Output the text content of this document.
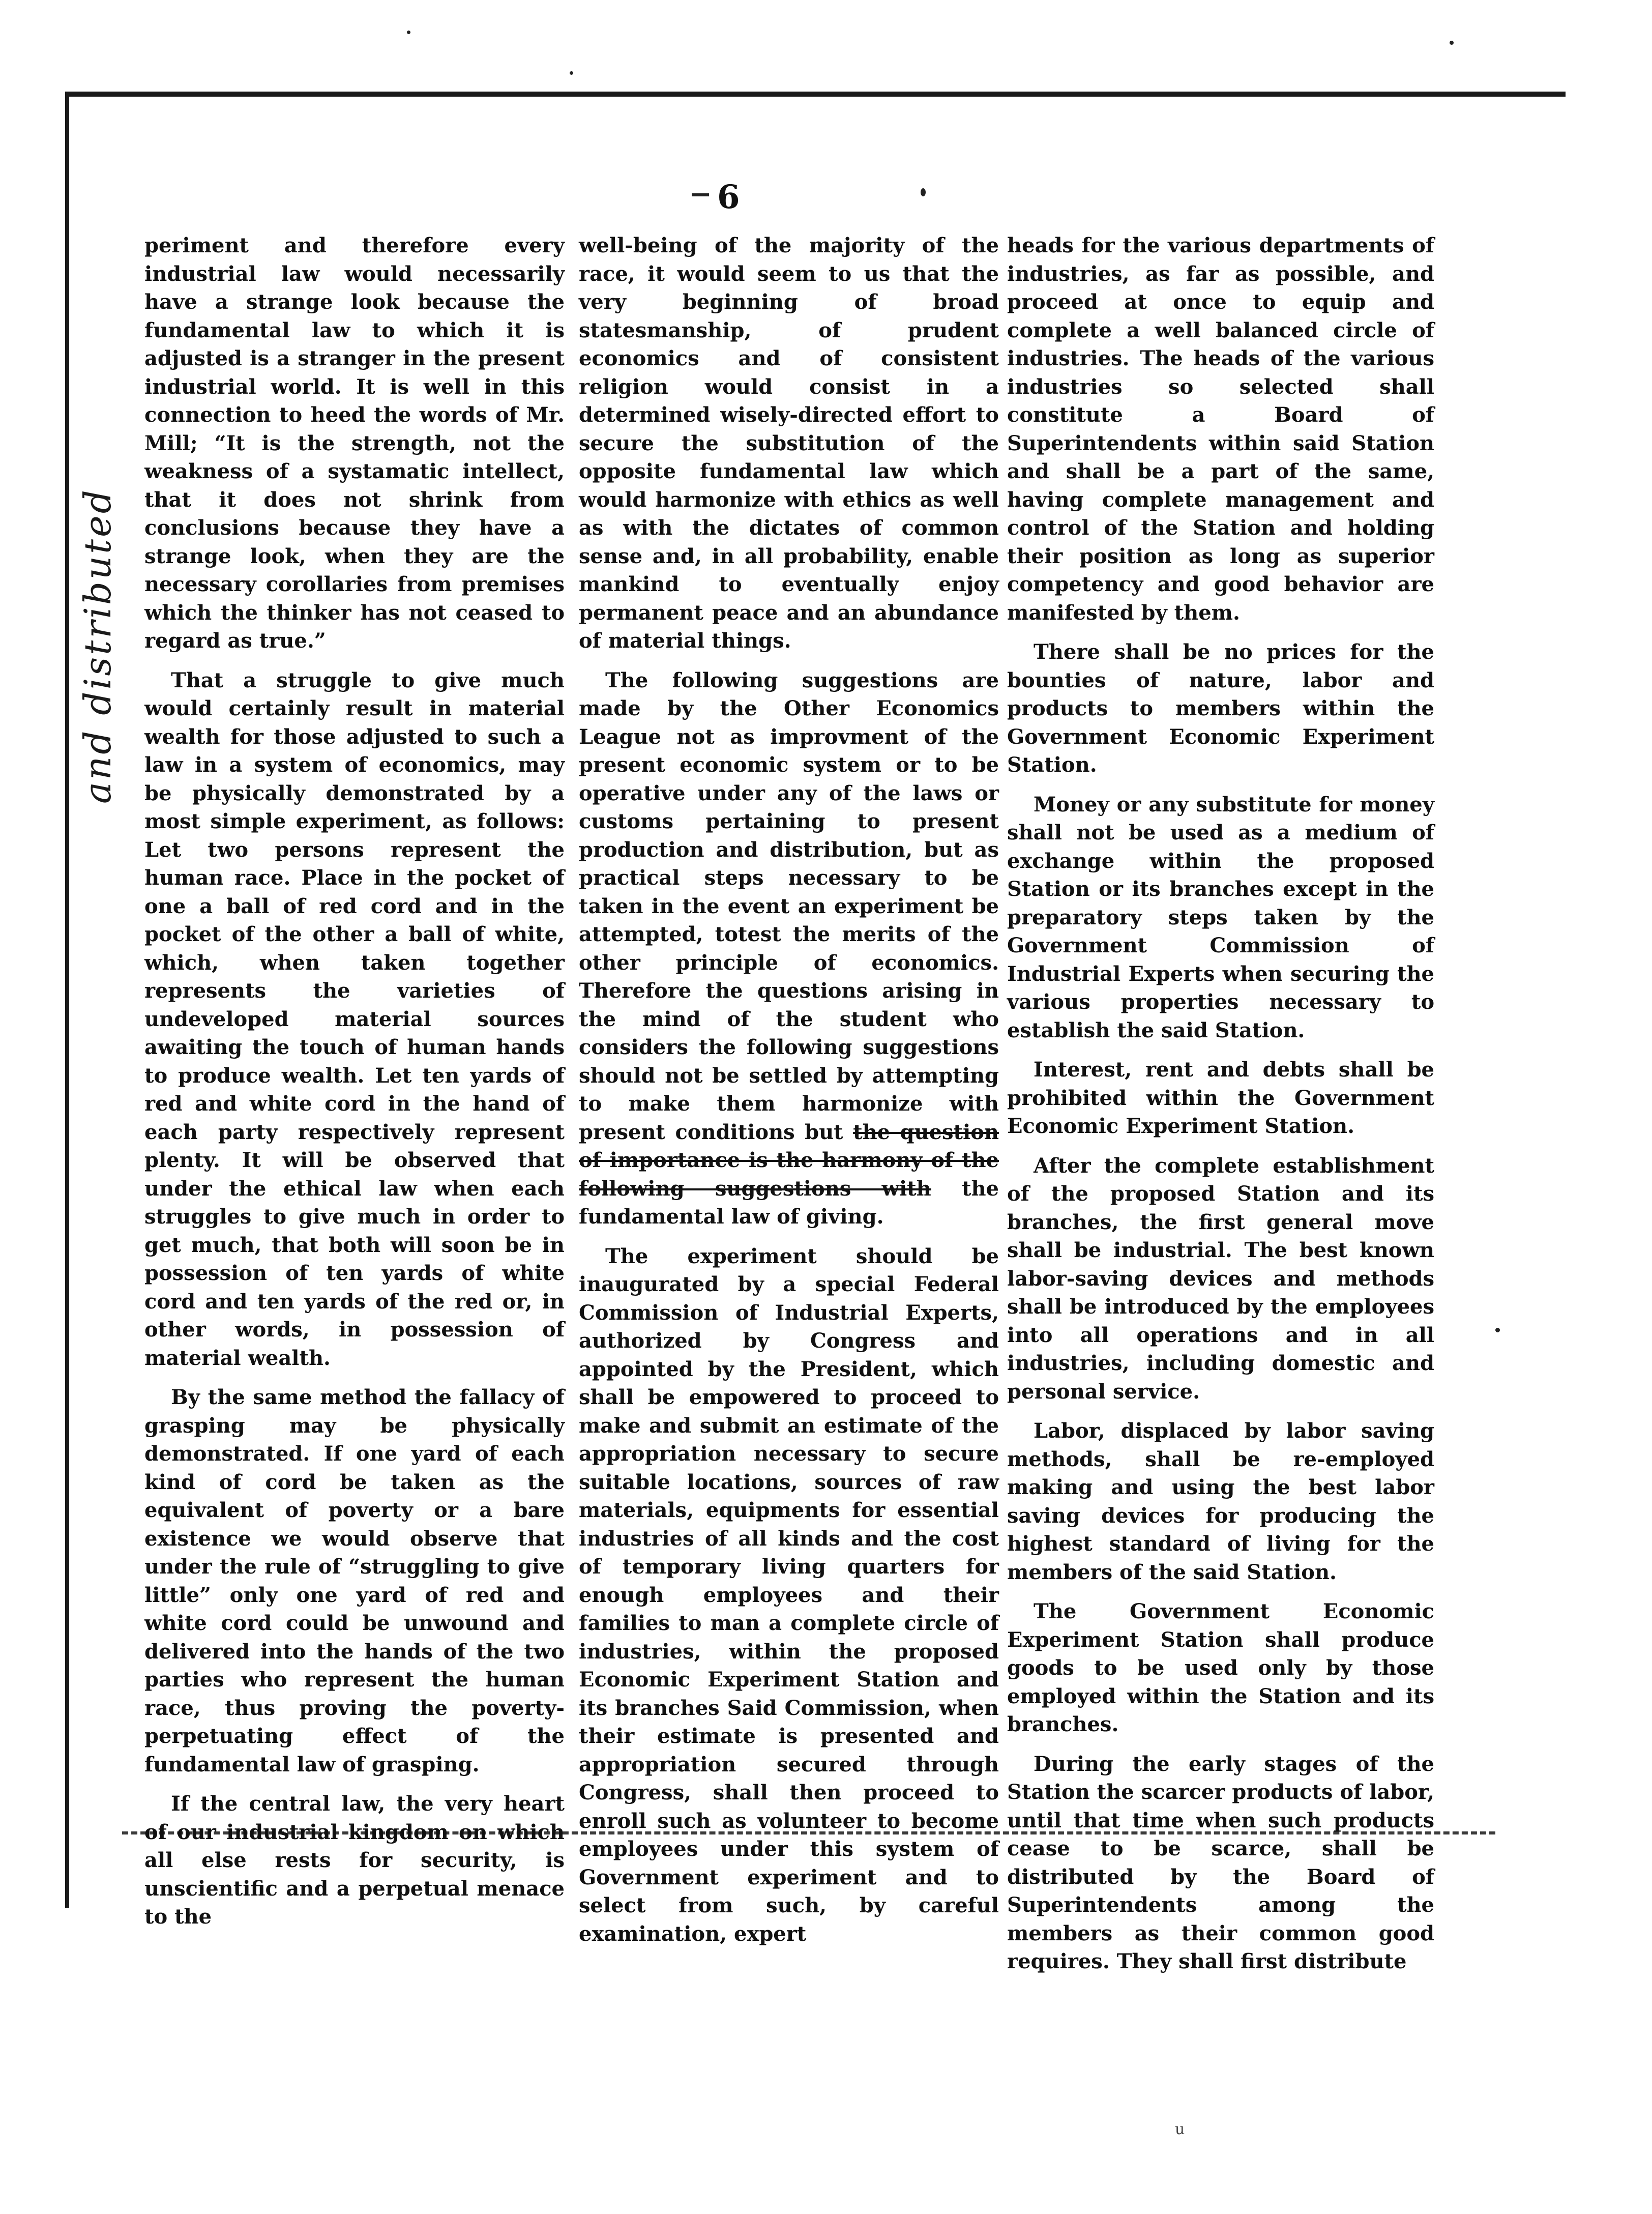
6
and distributed

periment and therefore every industrial law would necessarily have a strange look because the fundamental law to which it is adjusted is a stranger in the present industrial world. It is well in this connection to heed the words of Mr. Mill; “It is the strength, not the weakness of a systamatic intellect, that it does not shrink from conclusions because they have a strange look, when they are the necessary corollaries from premises which the thinker has not ceased to regard as true.”

That a struggle to give much would certainly result in material wealth for those adjusted to such a law in a system of economics, may be physically demonstrated by a most simple experiment, as follows: Let two persons represent the human race. Place in the pocket of one a ball of red cord and in the pocket of the other a ball of white, which, when taken together represents the varieties of undeveloped material sources awaiting the touch of human hands to produce wealth. Let ten yards of red and white cord in the hand of each party respectively represent plenty. It will be observed that under the ethical law when each struggles to give much in order to get much, that both will soon be in possession of ten yards of white cord and ten yards of the red or, in other words, in possession of material wealth.

By the same method the fallacy of grasping may be physically demonstrated. If one yard of each kind of cord be taken as the equivalent of poverty or a bare existence we would observe that under the rule of “struggling to give little” only one yard of red and white cord could be unwound and delivered into the hands of the two parties who represent the human race, thus proving the poverty-perpetuating effect of the fundamental law of grasping.

If the central law, the very heart of our industrial kingdom on which all else rests for security, is unscientific and a perpetual menace to the

well-being of the majority of the race, it would seem to us that the very beginning of broad statesmanship, of prudent economics and of consistent religion would consist in a determined wisely-directed effort to secure the substitution of the opposite fundamental law which would harmonize with ethics as well as with the dictates of common sense and, in all probability, enable mankind to eventually enjoy permanent peace and an abundance of material things.

The following suggestions are made by the Other Economics League not as improvment of the present economic system or to be operative under any of the laws or customs pertaining to present production and distribution, but as practical steps necessary to be taken in the event an experiment be attempted, totest the merits of the other principle of economics. Therefore the questions arising in the mind of the student who considers the following suggestions should not be settled by attempting to make them harmonize with present conditions but the question of importance is the harmony of the following suggestions with the fundamental law of giving.

The experiment should be inaugurated by a special Federal Commission of Industrial Experts, authorized by Congress and appointed by the President, which shall be empowered to proceed to make and submit an estimate of the appropriation necessary to secure suitable locations, sources of raw materials, equipments for essential industries of all kinds and the cost of temporary living quarters for enough employees and their families to man a complete circle of industries, within the proposed Economic Experiment Station and its branches Said Commission, when their estimate is presented and appropriation secured through Congress, shall then proceed to enroll such as volunteer to become employees under this system of Government experiment and to select from such, by careful examination, expert

heads for the various departments of industries, as far as possible, and proceed at once to equip and complete a well balanced circle of industries. The heads of the various industries so selected shall constitute a Board of Superintendents within said Station and shall be a part of the same, having complete management and control of the Station and holding their position as long as superior competency and good behavior are manifested by them.

There shall be no prices for the bounties of nature, labor and products to members within the Government Economic Experiment Station.

Money or any substitute for money shall not be used as a medium of exchange within the proposed Station or its branches except in the preparatory steps taken by the Government Commission of Industrial Experts when securing the various properties necessary to establish the said Station.

Interest, rent and debts shall be prohibited within the Government Economic Experiment Station.

After the complete establishment of the proposed Station and its branches, the first general move shall be industrial. The best known labor-saving devices and methods shall be introduced by the employees into all operations and in all industries, including domestic and personal service.

Labor, displaced by labor saving methods, shall be re-employed making and using the best labor saving devices for producing the highest standard of living for the members of the said Station.

The Government Economic Experiment Station shall produce goods to be used only by those employed within the Station and its branches.

During the early stages of the Station the scarcer products of labor, until that time when such products cease to be scarce, shall be distributed by the Board of Superintendents among the members as their common good requires. They shall first distribute

u
